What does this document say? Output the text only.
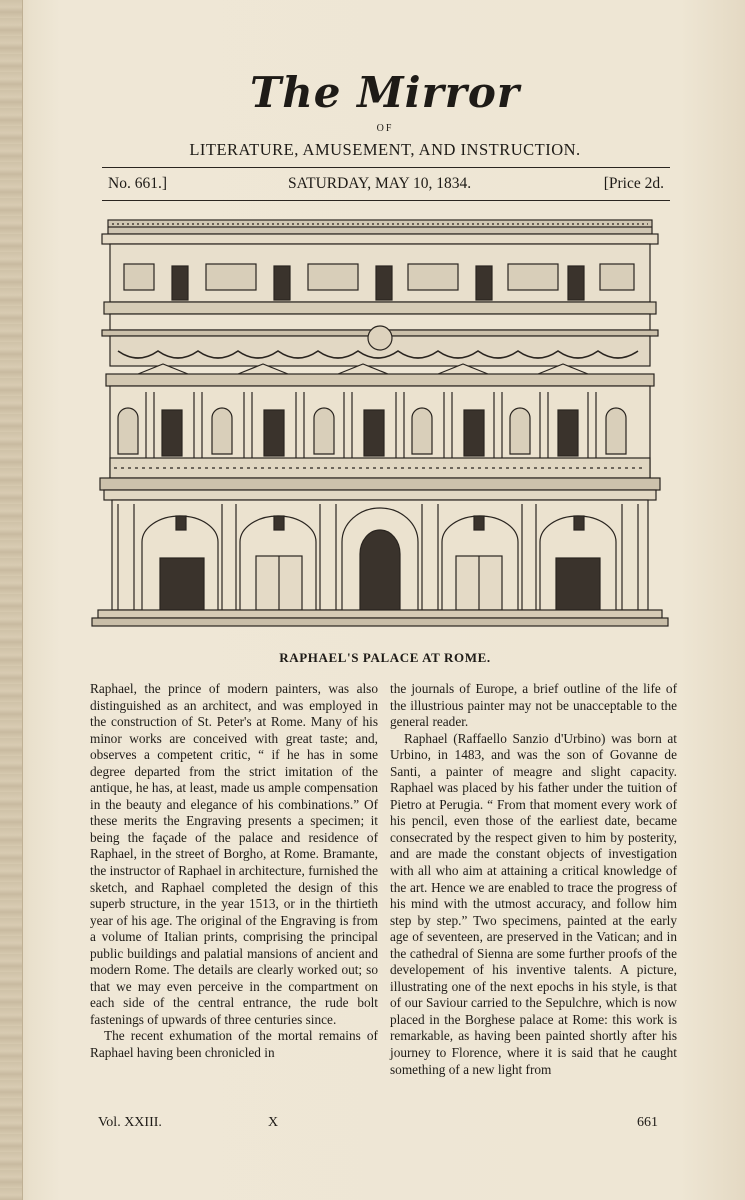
The Mirror
OF
LITERATURE, AMUSEMENT, AND INSTRUCTION.
No. 661.]	SATURDAY, MAY 10, 1834.	[Price 2d.
RAPHAEL'S PALACE AT ROME.

Raphael, the prince of modern painters, was also distinguished as an architect, and was employed in the construction of St. Peter's at Rome. Many of his minor works are conceived with great taste; and, observes a competent critic, “ if he has in some degree departed from the strict imitation of the antique, he has, at least, made us ample compensation in the beauty and elegance of his combinations.” Of these merits the Engraving presents a specimen; it being the façade of the palace and residence of Raphael, in the street of Borgho, at Rome. Bramante, the instructor of Raphael in architecture, furnished the sketch, and Raphael completed the design of this superb structure, in the year 1513, or in the thirtieth year of his age. The original of the Engraving is from a volume of Italian prints, comprising the principal public buildings and palatial mansions of ancient and modern Rome. The details are clearly worked out; so that we may even perceive in the compartment on each side of the central entrance, the rude bolt fastenings of upwards of three centuries since.

The recent exhumation of the mortal remains of Raphael having been chronicled in

the journals of Europe, a brief outline of the life of the illustrious painter may not be unacceptable to the general reader.

Raphael (Raffaello Sanzio d'Urbino) was born at Urbino, in 1483, and was the son of Govanne de Santi, a painter of meagre and slight capacity. Raphael was placed by his father under the tuition of Pietro at Perugia. “ From that moment every work of his pencil, even those of the earliest date, became consecrated by the respect given to him by posterity, and are made the constant objects of investigation with all who aim at attaining a critical knowledge of the art. Hence we are enabled to trace the progress of his mind with the utmost accuracy, and follow him step by step.” Two specimens, painted at the early age of seventeen, are preserved in the Vatican; and in the cathedral of Sienna are some further proofs of the developement of his inventive talents. A picture, illustrating one of the next epochs in his style, is that of our Saviour carried to the Sepulchre, which is now placed in the Borghese palace at Rome: this work is remarkable, as having been painted shortly after his journey to Florence, where it is said that he caught something of a new light from

Vol. XXIII.	X	661
